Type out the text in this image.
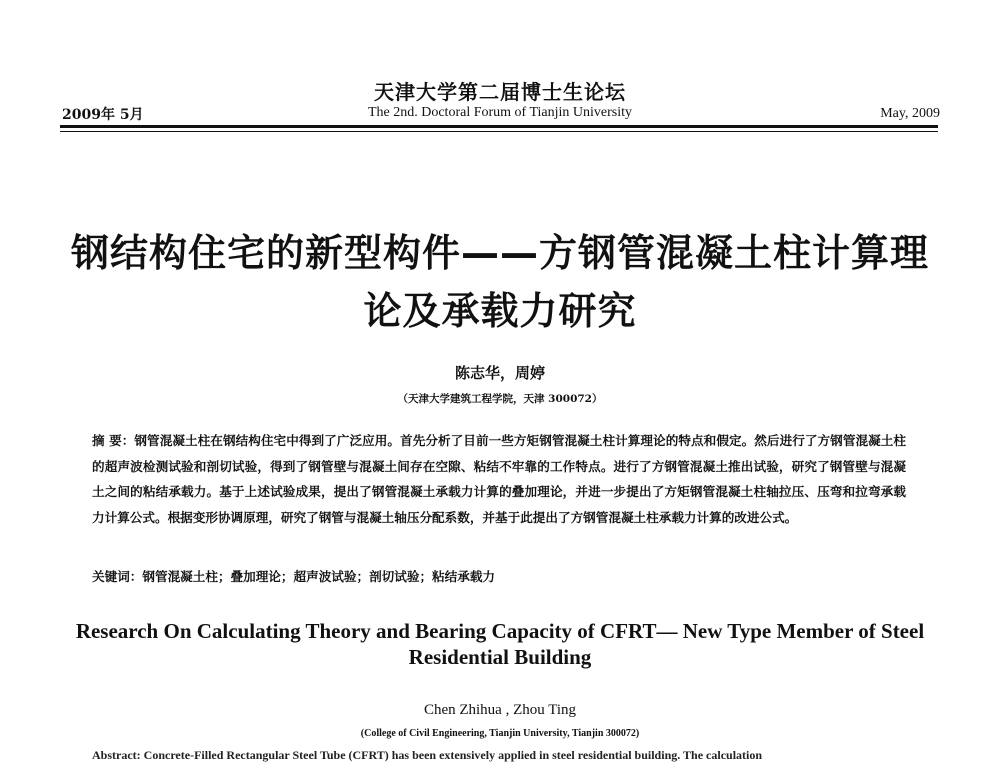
2009年 5月
天津大学第二届博士生论坛
The 2nd. Doctoral Forum of Tianjin University	May, 2009
钢结构住宅的新型构件——方钢管混凝土柱计算理论及承载力研究
陈志华，周婷
（天津大学建筑工程学院，天津 300072）

摘 要：钢管混凝土柱在钢结构住宅中得到了广泛应用。首先分析了目前一些方矩钢管混凝土柱计算理论的特点和假定。然后进行了方钢管混凝土柱的超声波检测试验和剖切试验，得到了钢管壁与混凝土间存在空隙、粘结不牢靠的工作特点。进行了方钢管混凝土推出试验，研究了钢管壁与混凝土之间的粘结承载力。基于上述试验成果，提出了钢管混凝土承载力计算的叠加理论，并进一步提出了方矩钢管混凝土柱轴拉压、压弯和拉弯承载力计算公式。根据变形协调原理，研究了钢管与混凝土轴压分配系数，并基于此提出了方钢管混凝土柱承载力计算的改进公式。

关键词：钢管混凝土柱；叠加理论；超声波试验；剖切试验；粘结承载力
Research On Calculating Theory and Bearing Capacity of CFRT— New Type Member of Steel Residential Building
Chen Zhihua , Zhou Ting
(College of Civil Engineering, Tianjin University, Tianjin 300072)
Abstract: Concrete-Filled Rectangular Steel Tube (CFRT) has been extensively applied in steel residential building. The calculation
